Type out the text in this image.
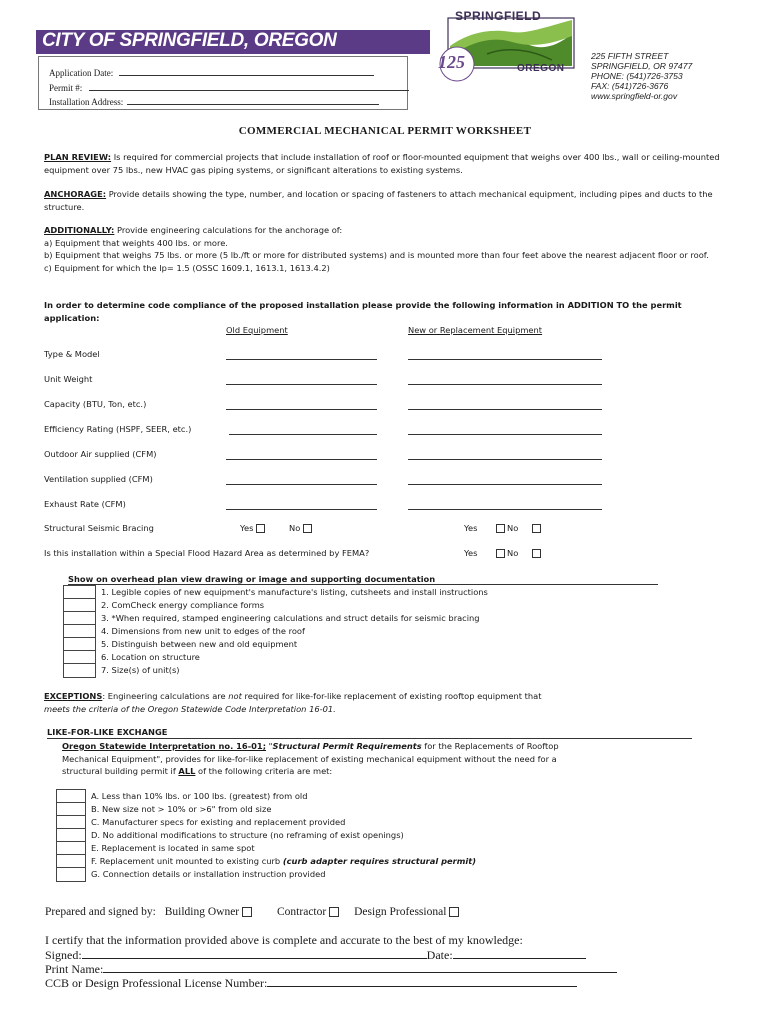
CITY OF SPRINGFIELD, OREGON
Application Date:
Permit #:
Installation Address:
SPRINGFIELD
OREGON
125	225 FIFTH STREET
SPRINGFIELD, OR 97477
PHONE: (541)726-3753
FAX: (541)726-3676
www.springfield-or.gov
COMMERCIAL MECHANICAL PERMIT WORKSHEET

PLAN REVIEW: Is required for commercial projects that include installation of roof or floor-mounted equipment that weighs over 400 lbs., wall or ceiling-mounted equipment over 75 lbs., new HVAC gas piping systems, or significant alterations to existing systems.

ANCHORAGE: Provide details showing the type, number, and location or spacing of fasteners to attach mechanical equipment, including pipes and ducts to the structure.

ADDITIONALLY: Provide engineering calculations for the anchorage of:
a) Equipment that weights 400 lbs. or more.
b) Equipment that weighs 75 lbs. or more (5 lb./ft or more for distributed systems) and is mounted more than four feet above the nearest adjacent floor or roof.
c) Equipment for which the Ip= 1.5 (OSSC 1609.1, 1613.1, 1613.4.2)

In order to determine code compliance of the proposed installation please provide the following information in ADDITION TO the permit application:

Old Equipment	New or Replacement Equipment
Type & Model
Unit Weight
Capacity (BTU, Ton, etc.)
Efficiency Rating (HSPF, SEER, etc.)
Outdoor Air supplied (CFM)
Ventilation supplied (CFM)
Exhaust Rate (CFM)
Structural Seismic Bracing	Yes	No	Yes	No
Is this installation within a Special Flood Hazard Area as determined by FEMA?	Yes	No
Show on overhead plan view drawing or image and supporting documentation
1. Legible copies of new equipment's manufacture's listing, cutsheets and install instructions
2. ComCheck energy compliance forms
3. *When required, stamped engineering calculations and struct details for seismic bracing
4. Dimensions from new unit to edges of the roof
5. Distinguish between new and old equipment
6. Location on structure
7. Size(s) of unit(s)
EXCEPTIONS: Engineering calculations are not required for like-for-like replacement of existing rooftop equipment that
meets the criteria of the Oregon Statewide Code Interpretation 16-01.
LIKE-FOR-LIKE EXCHANGE
Oregon Statewide Interpretation no. 16-01; "Structural Permit Requirements for the Replacements of Rooftop
Mechanical Equipment", provides for like-for-like replacement of existing mechanical equipment without the need for a
structural building permit if ALL of the following criteria are met:
A. Less than 10% lbs. or 100 lbs. (greatest) from old
B. New size not > 10% or >6" from old size
C. Manufacturer specs for existing and replacement provided
D. No additional modifications to structure (no reframing of exist openings)
E. Replacement is located in same spot
F. Replacement unit mounted to existing curb (curb adapter requires structural permit)
G. Connection details or installation instruction provided
Prepared and signed by: Building Owner	Contractor Design Professional
I certify that the information provided above is complete and accurate to the best of my knowledge:
Signed:	Date:
Print Name:
CCB or Design Professional License Number:
